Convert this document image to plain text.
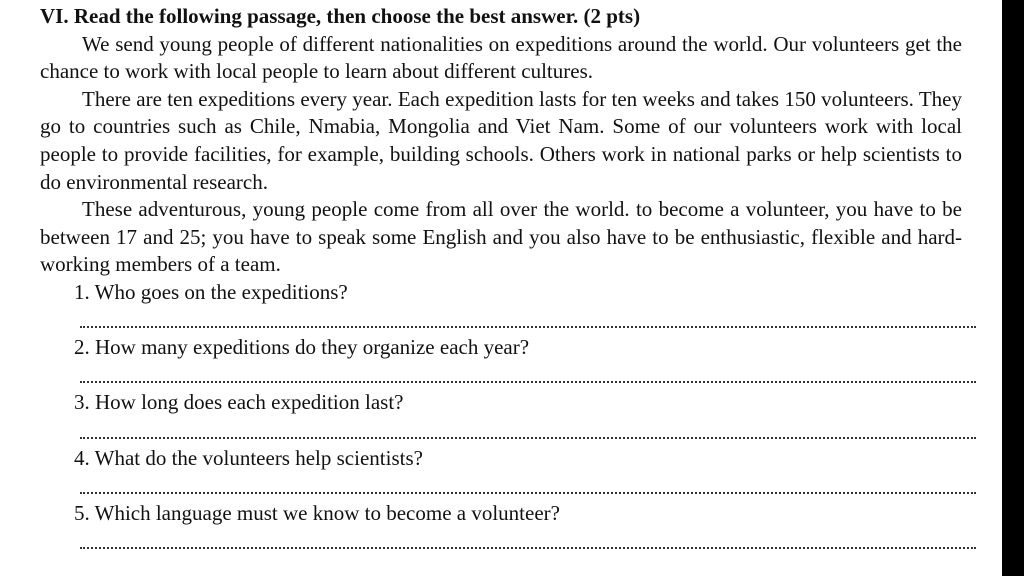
VI. Read the following passage, then choose the best answer. (2 pts)

We send young people of different nationalities on expeditions around the world. Our volunteers get the chance to work with local people to learn about different cultures.

There are ten expeditions every year. Each expedition lasts for ten weeks and takes 150 volunteers. They go to countries such as Chile, Nmabia, Mongolia and Viet Nam. Some of our volunteers work with local people to provide facilities, for example, building schools. Others work in national parks or help scientists to do environmental research.

These adventurous, young people come from all over the world. to become a volunteer, you have to be between 17 and 25; you have to speak some English and you also have to be enthusiastic, flexible and hard-working members of a team.

1. Who goes on the expeditions?

2. How many expeditions do they organize each year?

3. How long does each expedition last?

4. What do the volunteers help scientists?

5. Which language must we know to become a volunteer?
